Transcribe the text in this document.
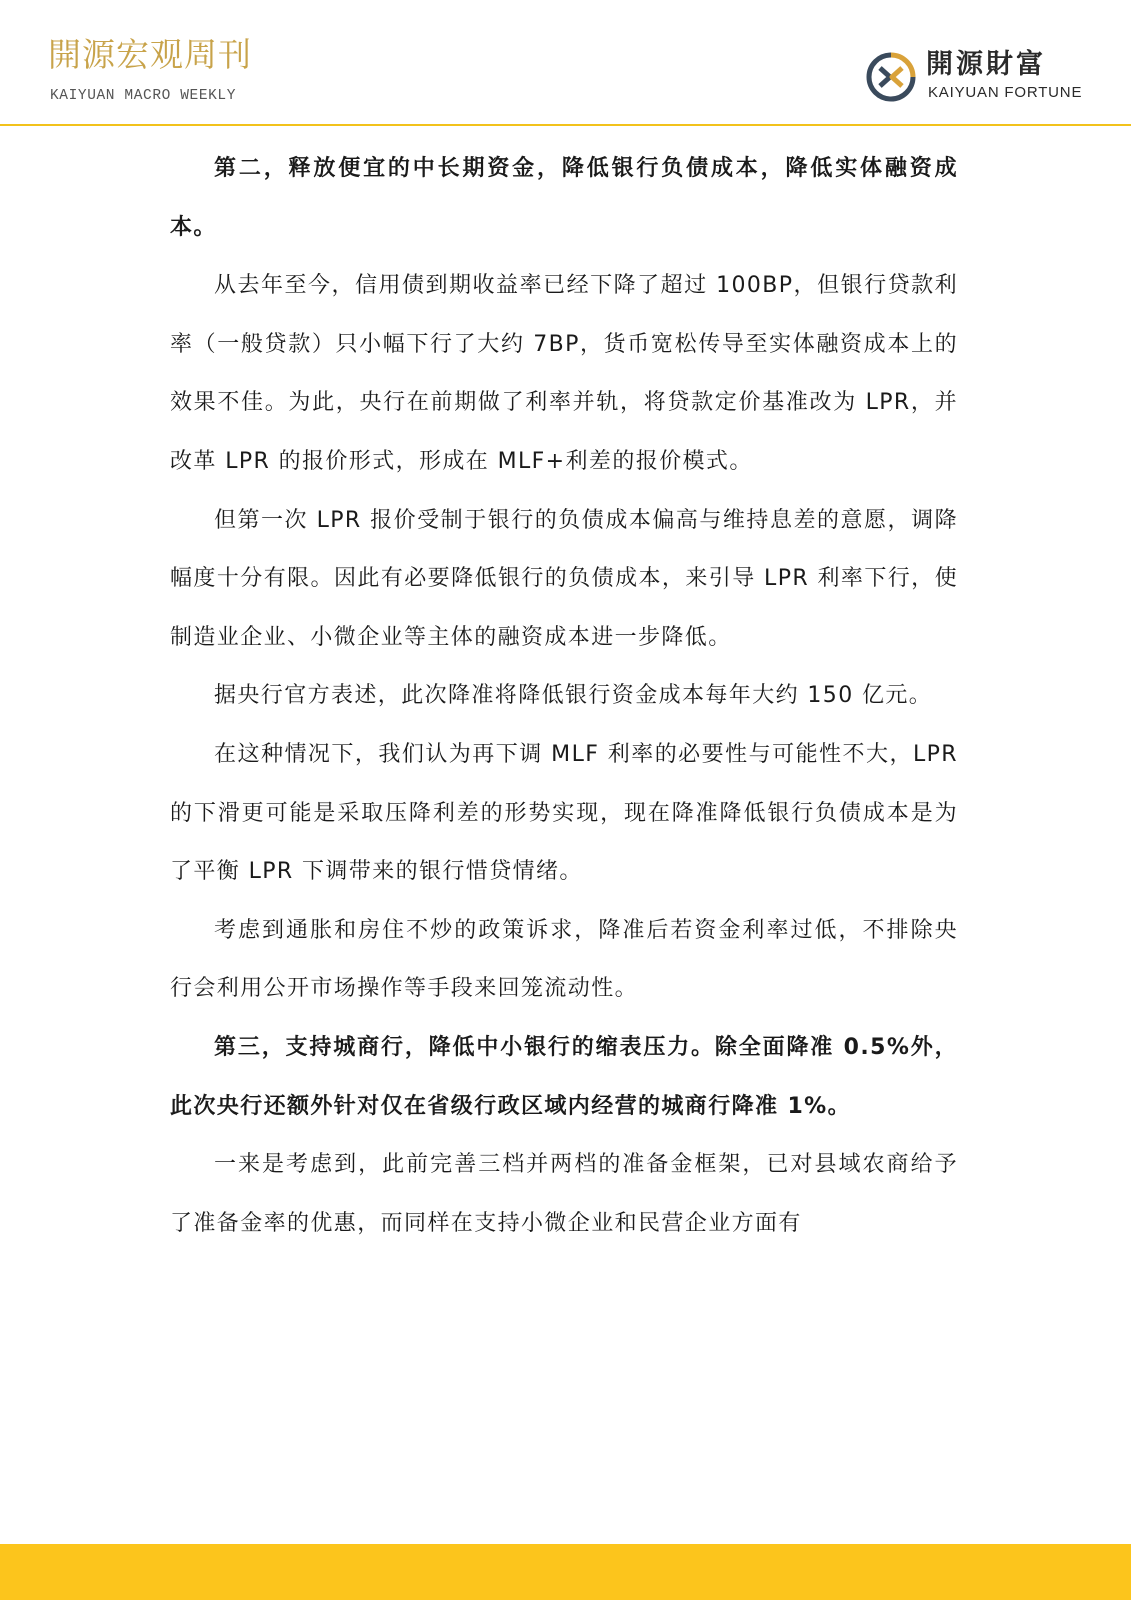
開源宏观周刊
KAIYUAN MACRO WEEKLY
開源財富
KAIYUAN FORTUNE

第二，释放便宜的中长期资金，降低银行负债成本，降低实体融资成本。

从去年至今，信用债到期收益率已经下降了超过 100BP，但银行贷款利率（一般贷款）只小幅下行了大约 7BP，货币宽松传导至实体融资成本上的效果不佳。为此，央行在前期做了利率并轨，将贷款定价基准改为 LPR，并改革 LPR 的报价形式，形成在 MLF+利差的报价模式。

但第一次 LPR 报价受制于银行的负债成本偏高与维持息差的意愿，调降幅度十分有限。因此有必要降低银行的负债成本，来引导 LPR 利率下行，使制造业企业、小微企业等主体的融资成本进一步降低。

据央行官方表述，此次降准将降低银行资金成本每年大约 150 亿元。

在这种情况下，我们认为再下调 MLF 利率的必要性与可能性不大，LPR 的下滑更可能是采取压降利差的形势实现，现在降准降低银行负债成本是为了平衡 LPR 下调带来的银行惜贷情绪。

考虑到通胀和房住不炒的政策诉求，降准后若资金利率过低，不排除央行会利用公开市场操作等手段来回笼流动性。

第三，支持城商行，降低中小银行的缩表压力。除全面降准 0.5%外，此次央行还额外针对仅在省级行政区域内经营的城商行降准 1%。

一来是考虑到，此前完善三档并两档的准备金框架，已对县域农商给予了准备金率的优惠，而同样在支持小微企业和民营企业方面有
